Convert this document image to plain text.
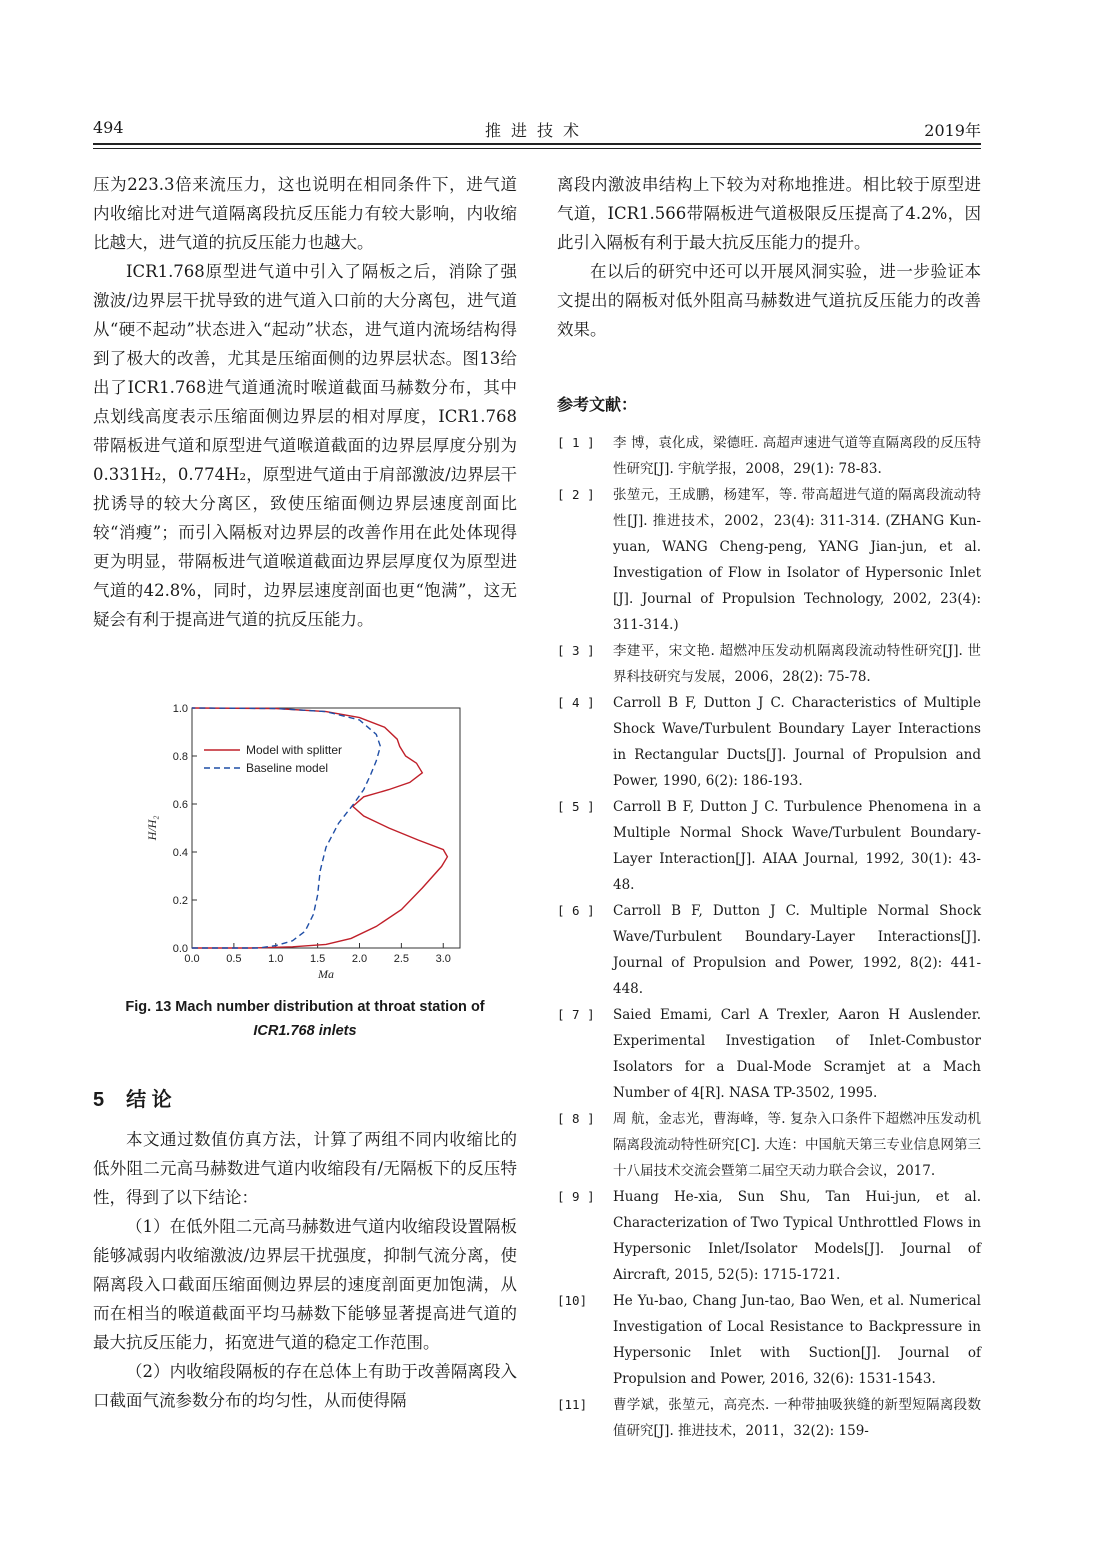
494	推进技术	2019年

压为223.3倍来流压力，这也说明在相同条件下，进气道内收缩比对进气道隔离段抗反压能力有较大影响，内收缩比越大，进气道的抗反压能力也越大。

ICR1.768原型进气道中引入了隔板之后，消除了强激波/边界层干扰导致的进气道入口前的大分离包，进气道从“硬不起动”状态进入“起动”状态，进气道内流场结构得到了极大的改善，尤其是压缩面侧的边界层状态。图13给出了ICR1.768进气道通流时喉道截面马赫数分布，其中点划线高度表示压缩面侧边界层的相对厚度，ICR1.768带隔板进气道和原型进气道喉道截面的边界层厚度分别为0.331H₂，0.774H₂，原型进气道由于肩部激波/边界层干扰诱导的较大分离区，致使压缩面侧边界层速度剖面比较“消瘦”；而引入隔板对边界层的改善作用在此处体现得更为明显，带隔板进气道喉道截面边界层厚度仅为原型进气道的42.8%，同时，边界层速度剖面也更“饱满”，这无疑会有利于提高进气道的抗反压能力。

0.0 0.5 1.0 1.5 2.0 2.5 3.0
0.0
0.2
0.4
0.6
0.8
1.0
Ma
H/H₂
Model with splitter
Baseline model
Fig. 13 Mach number distribution at throat station of
ICR1.768 inlets
5 结 论

本文通过数值仿真方法，计算了两组不同内收缩比的低外阻二元高马赫数进气道内收缩段有/无隔板下的反压特性，得到了以下结论：

（1）在低外阻二元高马赫数进气道内收缩段设置隔板能够减弱内收缩激波/边界层干扰强度，抑制气流分离，使隔离段入口截面压缩面侧边界层的速度剖面更加饱满，从而在相当的喉道截面平均马赫数下能够显著提高进气道的最大抗反压能力，拓宽进气道的稳定工作范围。

（2）内收缩段隔板的存在总体上有助于改善隔离段入口截面气流参数分布的均匀性，从而使得隔

离段内激波串结构上下较为对称地推进。相比较于原型进气道，ICR1.566带隔板进气道极限反压提高了4.2%，因此引入隔板有利于最大抗反压能力的提升。

在以后的研究中还可以开展风洞实验，进一步验证本文提出的隔板对低外阻高马赫数进气道抗反压能力的改善效果。

参考文献：
[ 1 ]	李 博，袁化成，梁德旺. 高超声速进气道等直隔离段的反压特性研究[J]. 宇航学报，2008，29(1): 78-83.
[ 2 ]	张堃元，王成鹏，杨建军，等. 带高超进气道的隔离段流动特性[J]. 推进技术，2002，23(4): 311-314. (ZHANG Kun-yuan, WANG Cheng-peng, YANG Jian-jun, et al. Investigation of Flow in Isolator of Hypersonic Inlet [J]. Journal of Propulsion Technology, 2002, 23(4): 311-314.)
[ 3 ]	李建平，宋文艳. 超燃冲压发动机隔离段流动特性研究[J]. 世界科技研究与发展，2006，28(2): 75-78.
[ 4 ]	Carroll B F, Dutton J C. Characteristics of Multiple Shock Wave/Turbulent Boundary Layer Interactions in Rectangular Ducts[J]. Journal of Propulsion and Power, 1990, 6(2): 186-193.
[ 5 ]	Carroll B F, Dutton J C. Turbulence Phenomena in a Multiple Normal Shock Wave/Turbulent Boundary-Layer Interaction[J]. AIAA Journal, 1992, 30(1): 43-48.
[ 6 ]	Carroll B F, Dutton J C. Multiple Normal Shock Wave/Turbulent Boundary-Layer Interactions[J]. Journal of Propulsion and Power, 1992, 8(2): 441-448.
[ 7 ]	Saied Emami, Carl A Trexler, Aaron H Auslender. Experimental Investigation of Inlet-Combustor Isolators for a Dual-Mode Scramjet at a Mach Number of 4[R]. NASA TP-3502, 1995.
[ 8 ]	周 航，金志光，曹海峰，等. 复杂入口条件下超燃冲压发动机隔离段流动特性研究[C]. 大连：中国航天第三专业信息网第三十八届技术交流会暨第二届空天动力联合会议，2017.
[ 9 ]	Huang He-xia, Sun Shu, Tan Hui-jun, et al. Characterization of Two Typical Unthrottled Flows in Hypersonic Inlet/Isolator Models[J]. Journal of Aircraft, 2015, 52(5): 1715-1721.
[10]	He Yu-bao, Chang Jun-tao, Bao Wen, et al. Numerical Investigation of Local Resistance to Backpressure in Hypersonic Inlet with Suction[J]. Journal of Propulsion and Power, 2016, 32(6): 1531-1543.
[11]	曹学斌，张堃元，高亮杰. 一种带抽吸狭缝的新型短隔离段数值研究[J]. 推进技术，2011，32(2): 159-
